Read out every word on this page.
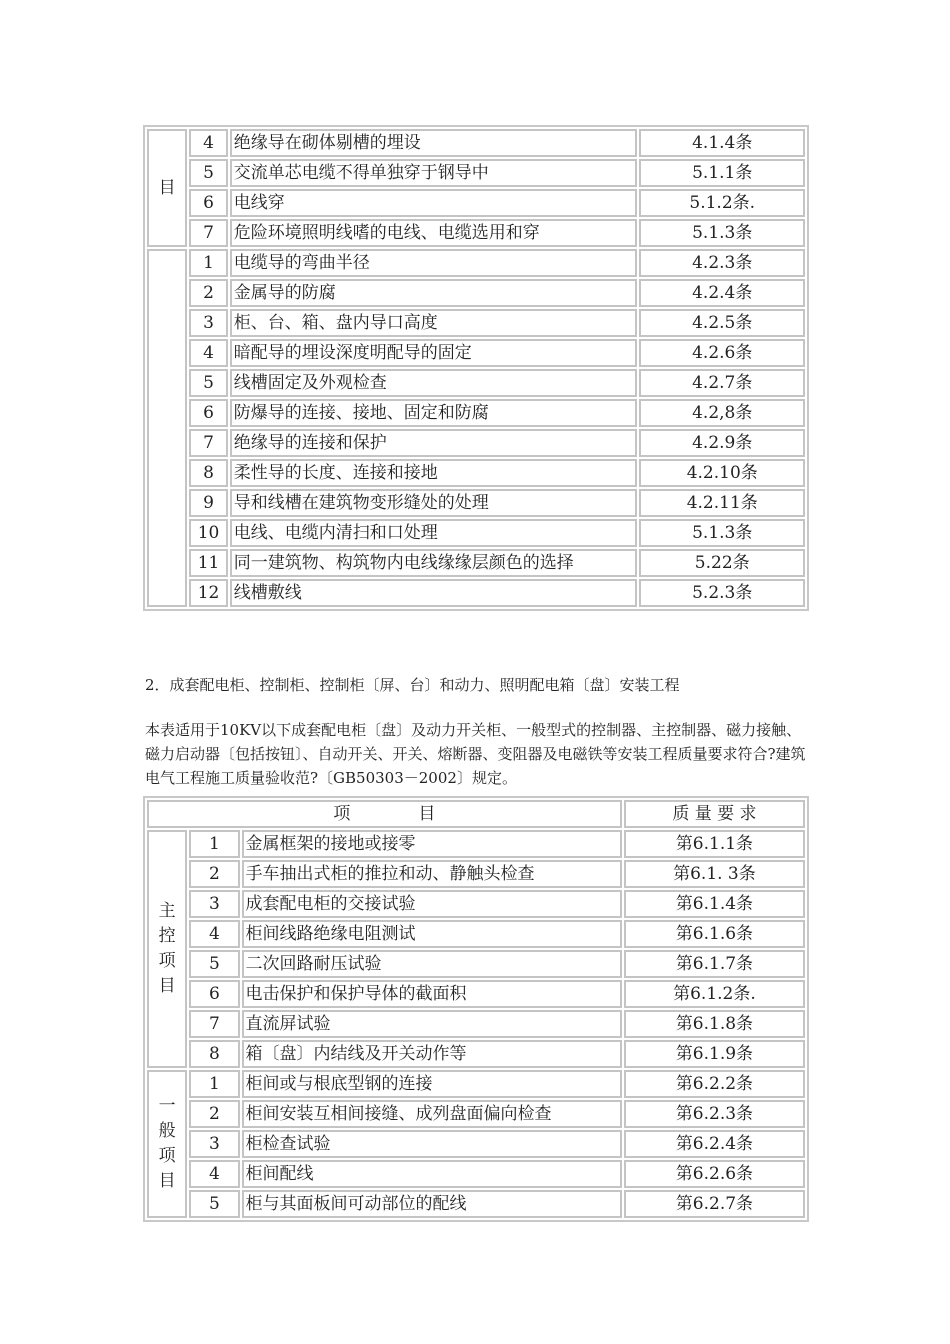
目	4	绝缘导在砌体剔槽的埋设	4.1.4条
	5	交流单芯电缆不得单独穿于钢导中	5.1.1条
	6	电线穿	5.1.2条.
	7	危险环境照明线嗜的电线、电缆选用和穿	5.1.3条
	1	电缆导的弯曲半径	4.2.3条
	2	金属导的防腐	4.2.4条
	3	柜、台、箱、盘内导口高度	4.2.5条
	4	暗配导的埋设深度明配导的固定	4.2.6条
	5	线槽固定及外观检查	4.2.7条
	6	防爆导的连接、接地、固定和防腐	4.2,8条
	7	绝缘导的连接和保护	4.2.9条
	8	柔性导的长度、连接和接地	4.2.10条
	9	导和线槽在建筑物变形缝处的处理	4.2.11条
	10	电线、电缆内清扫和口处理	5.1.3条
	11	同一建筑物、构筑物内电线缘缘层颜色的选择	5.22条
	12	线槽敷线	5.2.3条
2．成套配电柜、控制柜、控制柜〔屏、台〕和动力、照明配电箱〔盘〕安装工程
本表适用于10KV以下成套配电柜〔盘〕及动力开关柜、一般型式的控制器、主控制器、磁力接触、磁力启动器〔包括按钮〕、自动开关、开关、熔断器、变阻器及电磁铁等安装工程质量要求符合?建筑电气工程施工质量验收范?〔GB50303－2002〕规定。
项　　　　目			质 量 要 求

主
控
项
目	1	金属框架的接地或接零	第6.1.1条
	2	手车抽出式柜的推拉和动、静触头检查	第6.1. 3条
	3	成套配电柜的交接试验	第6.1.4条
	4	柜间线路绝缘电阻测试	第6.1.6条
	5	二次回路耐压试验	第6.1.7条
	6	电击保护和保护导体的截面积	第6.1.2条.
	7	直流屏试验	第6.1.8条
	8	箱〔盘〕内结线及开关动作等	第6.1.9条

一
般
项
目	1	柜间或与根底型钢的连接	第6.2.2条
	2	柜间安装互相间接缝、成列盘面偏向检查	第6.2.3条
	3	柜检查试验	第6.2.4条
	4	柜间配线	第6.2.6条
	5	柜与其面板间可动部位的配线	第6.2.7条
